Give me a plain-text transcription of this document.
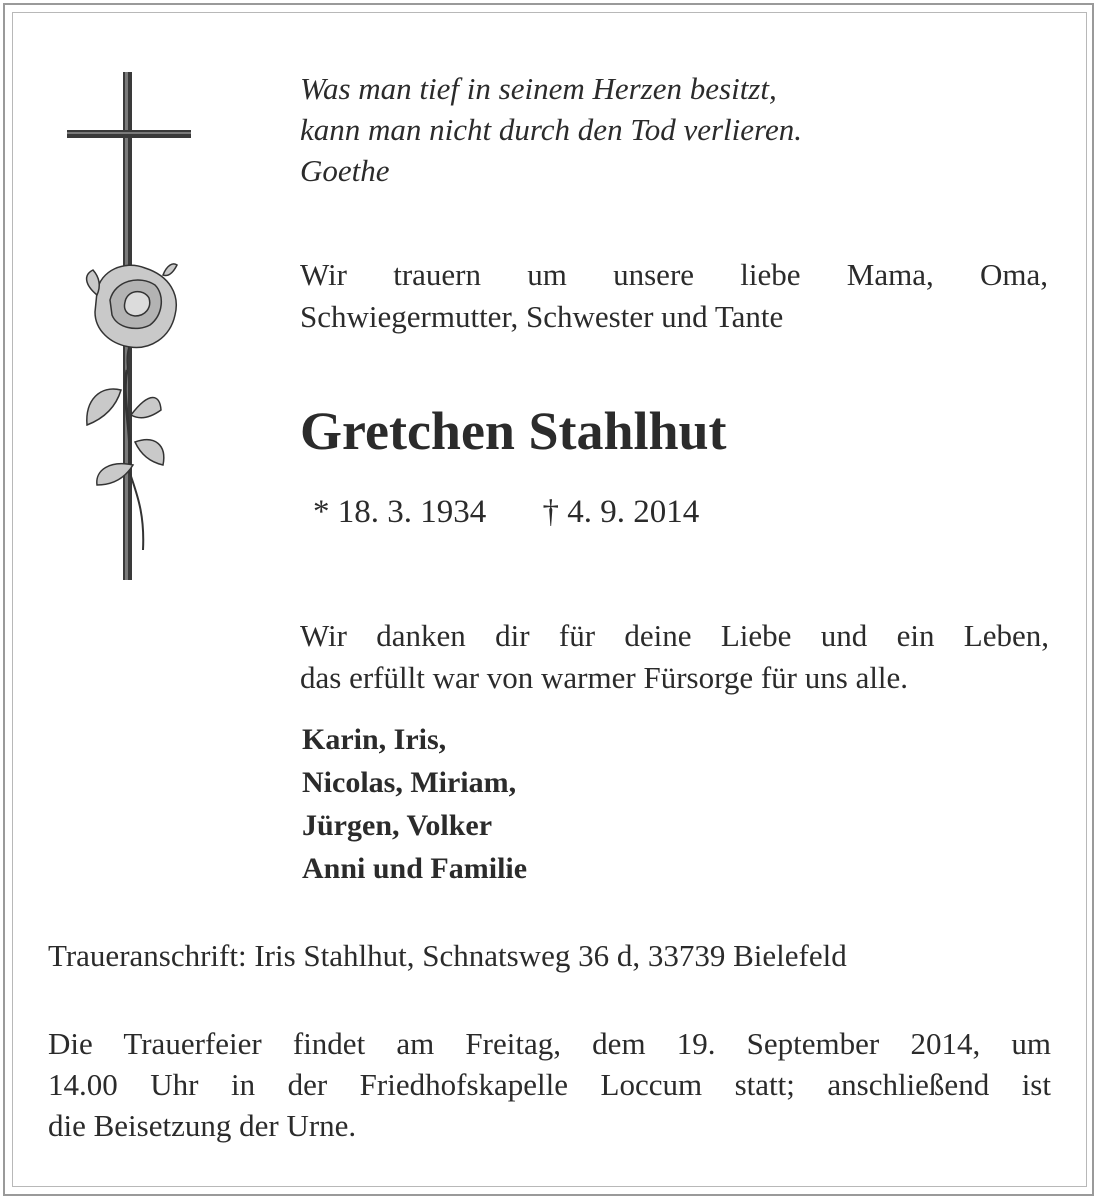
Was man tief in seinem Herzen besitzt,
kann man nicht durch den Tod verlieren.
Goethe
Wir trauern um unsere liebe Mama, Oma,
Schwiegermutter, Schwester und Tante
Gretchen Stahlhut
* 18. 3. 1934 † 4. 9. 2014
Wir danken dir für deine Liebe und ein Leben,
das erfüllt war von warmer Fürsorge für uns alle.
Karin, Iris,
Nicolas, Miriam,
Jürgen, Volker
Anni und Familie
Traueranschrift: Iris Stahlhut, Schnatsweg 36 d, 33739 Bielefeld
Die Trauerfeier findet am Freitag, dem 19. September 2014, um
14.00 Uhr in der Friedhofskapelle Loccum statt; anschließend ist
die Beisetzung der Urne.
